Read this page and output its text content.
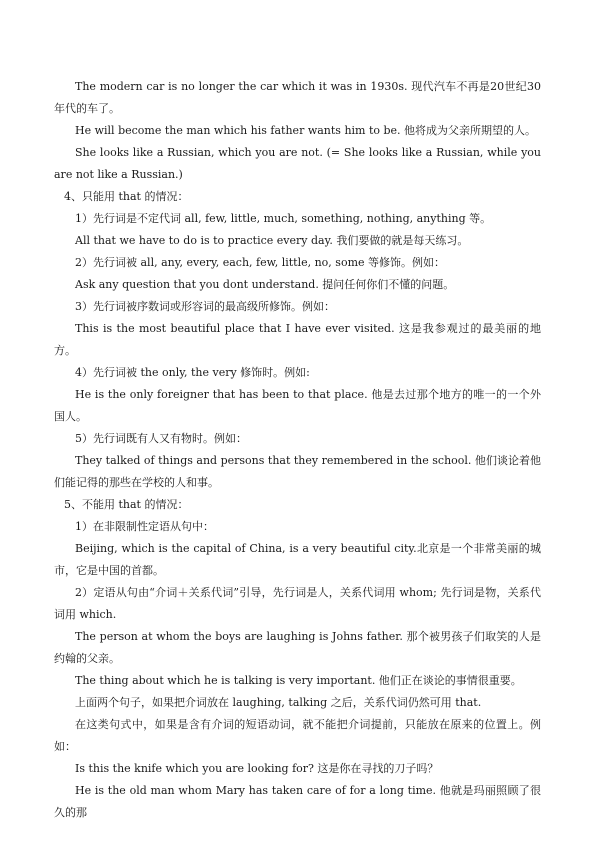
The modern car is no longer the car which it was in 1930s. 现代汽车不再是20世纪30年代的车了。

He will become the man which his father wants him to be. 他将成为父亲所期望的人。

She looks like a Russian, which you are not. (= She looks like a Russian, while you are not like a Russian.)

4、只能用 that 的情况：

1）先行词是不定代词 all, few, little, much, something, nothing, anything 等。

All that we have to do is to practice every day. 我们要做的就是每天练习。

2）先行词被 all, any, every, each, few, little, no, some 等修饰。例如：

Ask any question that you dont understand. 提问任何你们不懂的问题。

3）先行词被序数词或形容词的最高级所修饰。例如：

This is the most beautiful place that I have ever visited. 这是我参观过的最美丽的地方。

4）先行词被 the only, the very 修饰时。例如:

He is the only foreigner that has been to that place. 他是去过那个地方的唯一的一个外国人。

5）先行词既有人又有物时。例如：

They talked of things and persons that they remembered in the school. 他们谈论着他们能记得的那些在学校的人和事。

5、不能用 that 的情况：

1）在非限制性定语从句中：

Beijing, which is the capital of China, is a very beautiful city.北京是一个非常美丽的城市，它是中国的首都。

2）定语从句由“介词＋关系代词”引导，先行词是人，关系代词用 whom; 先行词是物，关系代词用 which.

The person at whom the boys are laughing is Johns father. 那个被男孩子们取笑的人是约翰的父亲。

The thing about which he is talking is very important. 他们正在谈论的事情很重要。

上面两个句子，如果把介词放在 laughing, talking 之后，关系代词仍然可用 that.

在这类句式中，如果是含有介词的短语动词，就不能把介词提前，只能放在原来的位置上。例如：

Is this the knife which you are looking for? 这是你在寻找的刀子吗？

He is the old man whom Mary has taken care of for a long time. 他就是玛丽照顾了很久的那
